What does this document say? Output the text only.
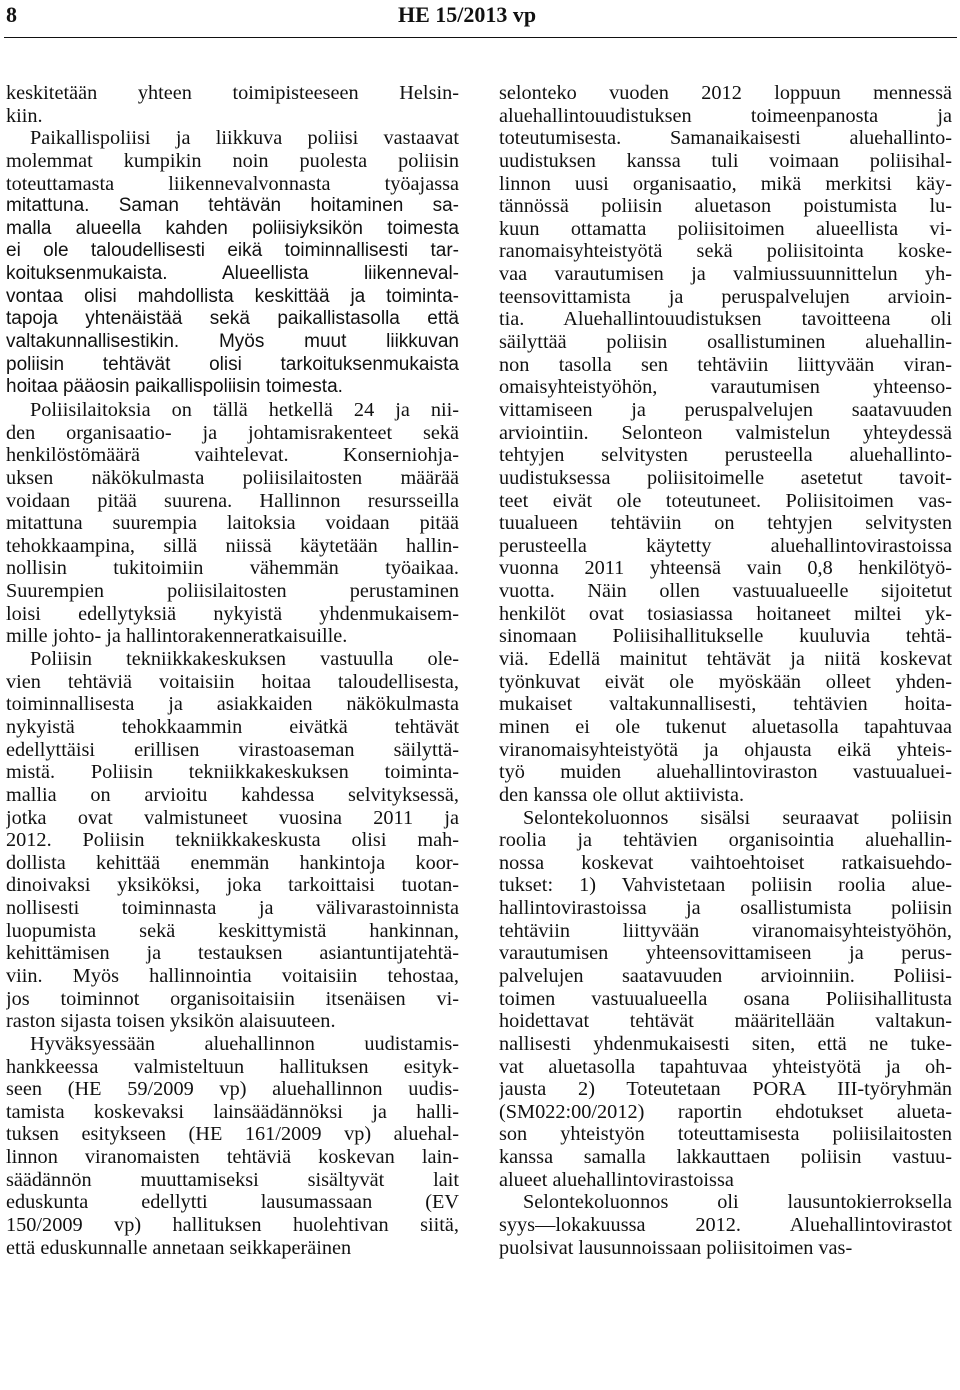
8	HE 15/2013 vp
keskitetään yhteen toimipisteeseen Helsin-
kiin.
Paikallispoliisi ja liikkuva poliisi vastaavat
molemmat kumpikin noin puolesta poliisin
toteuttamasta liikennevalvonnasta työajassa
mitattuna. Saman tehtävän hoitaminen sa-
malla alueella kahden poliisiyksikön toimesta
ei ole taloudellisesti eikä toiminnallisesti tar-
koituksenmukaista. Alueellista liikenneval-
vontaa olisi mahdollista keskittää ja toiminta-
tapoja yhtenäistää sekä paikallistasolla että
valtakunnallisestikin. Myös muut liikkuvan
poliisin tehtävät olisi tarkoituksenmukaista
hoitaa pääosin paikallispoliisin toimesta.
Poliisilaitoksia on tällä hetkellä 24 ja nii-
den organisaatio- ja johtamisrakenteet sekä
henkilöstömäärä vaihtelevat. Konserniohja-
uksen näkökulmasta poliisilaitosten määrää
voidaan pitää suurena. Hallinnon resursseilla
mitattuna suurempia laitoksia voidaan pitää
tehokkaampina, sillä niissä käytetään hallin-
nollisin tukitoimiin vähemmän työaikaa.
Suurempien poliisilaitosten perustaminen
loisi edellytyksiä nykyistä yhdenmukaisem-
mille johto- ja hallintorakenneratkaisuille.
Poliisin tekniikkakeskuksen vastuulla ole-
vien tehtäviä voitaisiin hoitaa taloudellisesta,
toiminnallisesta ja asiakkaiden näkökulmasta
nykyistä tehokkaammin eivätkä tehtävät
edellyttäisi erillisen virastoaseman säilyttä-
mistä. Poliisin tekniikkakeskuksen toiminta-
mallia on arvioitu kahdessa selvityksessä,
jotka ovat valmistuneet vuosina 2011 ja
2012. Poliisin tekniikkakeskusta olisi mah-
dollista kehittää enemmän hankintoja koor-
dinoivaksi yksiköksi, joka tarkoittaisi tuotan-
nollisesti toiminnasta ja välivarastoinnista
luopumista sekä keskittymistä hankinnan,
kehittämisen ja testauksen asiantuntijatehtä-
viin. Myös hallinnointia voitaisiin tehostaa,
jos toiminnot organisoitaisiin itsenäisen vi-
raston sijasta toisen yksikön alaisuuteen.
Hyväksyessään aluehallinnon uudistamis-
hankkeessa valmisteltuun hallituksen esityk-
seen (HE 59/2009 vp) aluehallinnon uudis-
tamista koskevaksi lainsäädännöksi ja halli-
tuksen esitykseen (HE 161/2009 vp) aluehal-
linnon viranomaisten tehtäviä koskevan lain-
säädännön muuttamiseksi sisältyvät lait
eduskunta edellytti lausumassaan (EV
150/2009 vp) hallituksen huolehtivan siitä,
että eduskunnalle annetaan seikkaperäinen
selonteko vuoden 2012 loppuun mennessä
aluehallintouudistuksen toimeenpanosta ja
toteutumisesta. Samanaikaisesti aluehallinto-
uudistuksen kanssa tuli voimaan poliisihal-
linnon uusi organisaatio, mikä merkitsi käy-
tännössä poliisin aluetason poistumista lu-
kuun ottamatta poliisitoimen alueellista vi-
ranomaisyhteistyötä sekä poliisitointa koske-
vaa varautumisen ja valmiussuunnittelun yh-
teensovittamista ja peruspalvelujen arvioin-
tia. Aluehallintouudistuksen tavoitteena oli
säilyttää poliisin osallistuminen aluehallin-
non tasolla sen tehtäviin liittyvään viran-
omaisyhteistyöhön, varautumisen yhteenso-
vittamiseen ja peruspalvelujen saatavuuden
arviointiin. Selonteon valmistelun yhteydessä
tehtyjen selvitysten perusteella aluehallinto-
uudistuksessa poliisitoimelle asetetut tavoit-
teet eivät ole toteutuneet. Poliisitoimen vas-
tuualueen tehtäviin on tehtyjen selvitysten
perusteella käytetty aluehallintovirastoissa
vuonna 2011 yhteensä vain 0,8 henkilötyö-
vuotta. Näin ollen vastuualueelle sijoitetut
henkilöt ovat tosiasiassa hoitaneet miltei yk-
sinomaan Poliisihallitukselle kuuluvia tehtä-
viä. Edellä mainitut tehtävät ja niitä koskevat
työnkuvat eivät ole myöskään olleet yhden-
mukaiset valtakunnallisesti, tehtävien hoita-
minen ei ole tukenut aluetasolla tapahtuvaa
viranomaisyhteistyötä ja ohjausta eikä yhteis-
työ muiden aluehallintoviraston vastuualuei-
den kanssa ole ollut aktiivista.
Selontekoluonnos sisälsi seuraavat poliisin
roolia ja tehtävien organisointia aluehallin-
nossa koskevat vaihtoehtoiset ratkaisuehdo-
tukset: 1) Vahvistetaan poliisin roolia alue-
hallintovirastoissa ja osallistumista poliisin
tehtäviin liittyvään viranomaisyhteistyöhön,
varautumisen yhteensovittamiseen ja perus-
palvelujen saatavuuden arvioinniin. Poliisi-
toimen vastuualueella osana Poliisihallitusta
hoidettavat tehtävät määritellään valtakun-
nallisesti yhdenmukaisesti siten, että ne tuke-
vat aluetasolla tapahtuvaa yhteistyötä ja oh-
jausta 2) Toteutetaan PORA III-työryhmän
(SM022:00/2012) raportin ehdotukset alueta-
son yhteistyön toteuttamisesta poliisilaitosten
kanssa samalla lakkauttaen poliisin vastuu-
alueet aluehallintovirastoissa
Selontekoluonnos oli lausuntokierroksella
syys—lokakuussa 2012. Aluehallintovirastot
puolsivat lausunnoissaan poliisitoimen vas-
